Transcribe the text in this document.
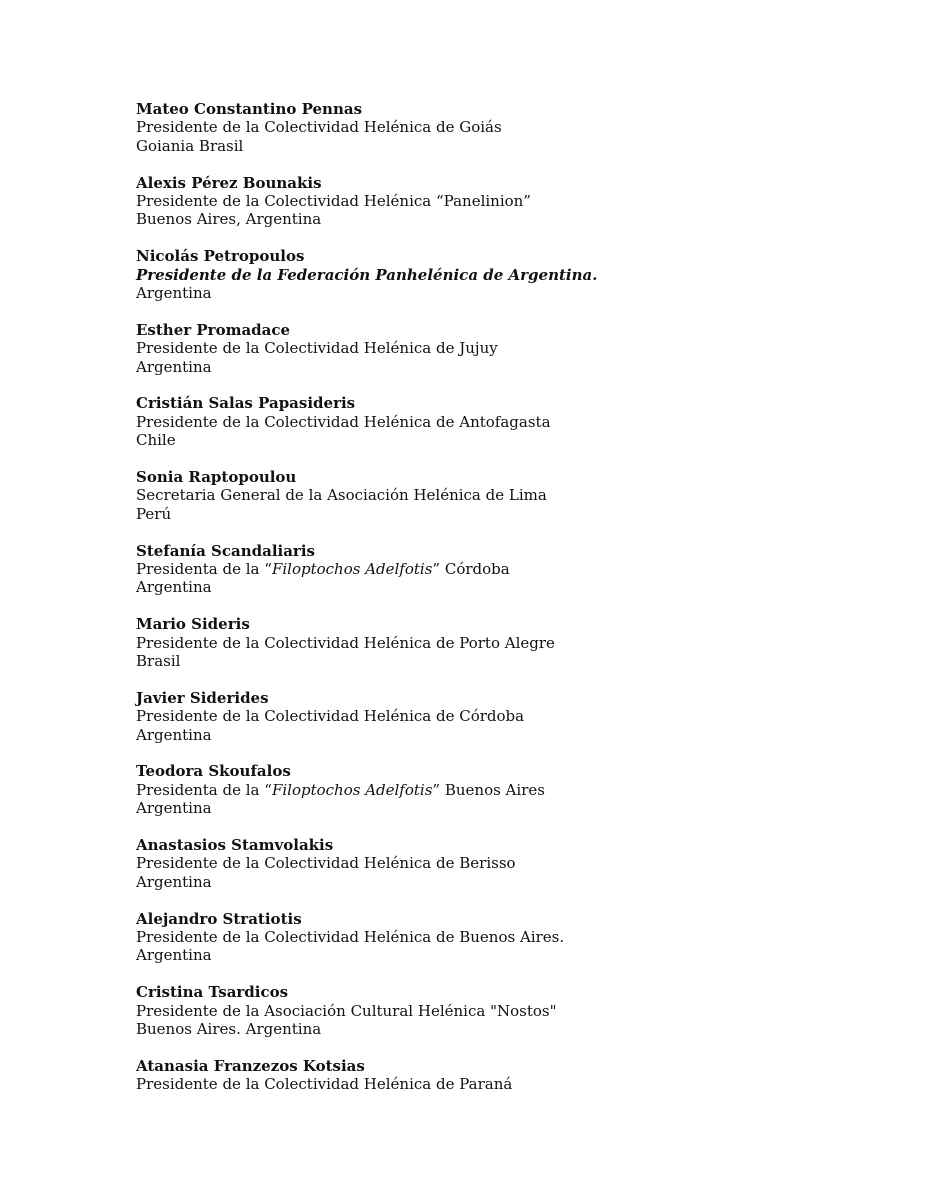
Mateo Constantino Pennas
Presidente de la Colectividad Helénica de Goiás
Goiania Brasil
Alexis Pérez Bounakis
Presidente de la Colectividad Helénica “Panelinion”
Buenos Aires, Argentina
Nicolás Petropoulos
Presidente de la Federación Panhelénica de Argentina.
Argentina
Esther Promadace
Presidente de la Colectividad Helénica de Jujuy
Argentina
Cristián Salas Papasideris
Presidente de la Colectividad Helénica de Antofagasta
Chile
Sonia Raptopoulou
Secretaria General de la Asociación Helénica de Lima
Perú
Stefanía Scandaliaris
Presidenta de la “Filoptochos Adelfotis” Córdoba
Argentina
Mario Sideris
Presidente de la Colectividad Helénica de Porto Alegre
Brasil
Javier Siderides
Presidente de la Colectividad Helénica de Córdoba
Argentina
Teodora Skoufalos
Presidenta de la “Filoptochos Adelfotis” Buenos Aires
Argentina
Anastasios Stamvolakis
Presidente de la Colectividad Helénica de Berisso
Argentina
Alejandro Stratiotis
Presidente de la Colectividad Helénica de Buenos Aires.
Argentina
Cristina Tsardicos
Presidente de la Asociación Cultural Helénica "Nostos"
Buenos Aires. Argentina
Atanasia Franzezos Kotsias
Presidente de la Colectividad Helénica de Paraná
